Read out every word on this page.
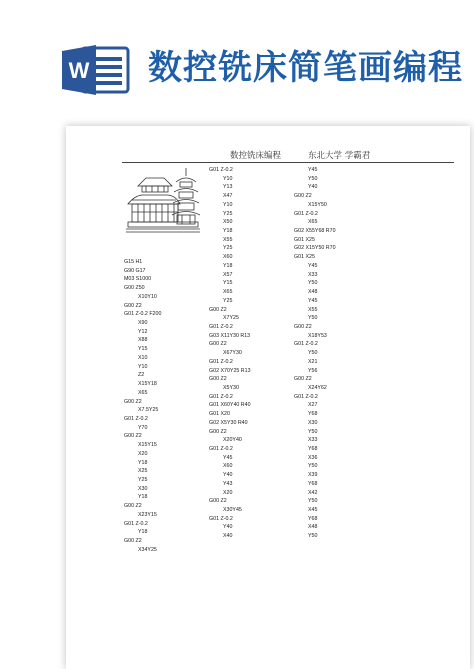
W 数控铣床简笔画编程
数控铣床编程	东北大学 学霸君
G15 H1
G90 G17
M03 S1000
G00 Z50
X10Y10
G00 Z2
G01 Z-0.2 F200
X90
Y12
X88
Y15
X10
Y10
Z2
X15Y18
X65
G00 Z2
X7.5Y25
G01 Z-0.2
Y70
G00 Z2
X15Y15
X20
Y18
X25
Y25
X30
Y18
G00 Z2
X23Y15
G01 Z-0.2
Y18
G00 Z2
X34Y25
G01 Z-0.2
Y10
Y13
X47
Y10
Y25
X50
Y18
X55
Y25
X60
Y18
X57
Y15
X65
Y25
G00 Z2
X7Y25
G01 Z-0.2
G03 X11Y30 R13
G00 Z2
X67Y30
G01 Z-0.2
G02 X70Y25 R13
G00 Z2
X5Y30
G01 Z-0.2
G01 X60Y40 R40
G01 X20
G02 X5Y30 R40
G00 Z2
X20Y40
G01 Z-0.2
Y45
X60
Y40
Y43
X20
G00 Z2
X30Y45
G01 Z-0.2
Y40
X40
Y45
Y50
Y40
G00 Z2
X15Y50
G01 Z-0.2
X65
G02 X55Y68 R70
G01 X25
G02 X15Y50 R70
G01 X25
Y45
X33
Y50
X48
Y45
X55
Y50
G00 Z2
X18Y53
G01 Z-0.2
Y50
X21
Y56
G00 Z2
X24Y62
G01 Z-0.2
X27
Y68
X30
Y50
X33
Y68
X36
Y50
X39
Y68
X42
Y50
X45
Y68
X48
Y50
